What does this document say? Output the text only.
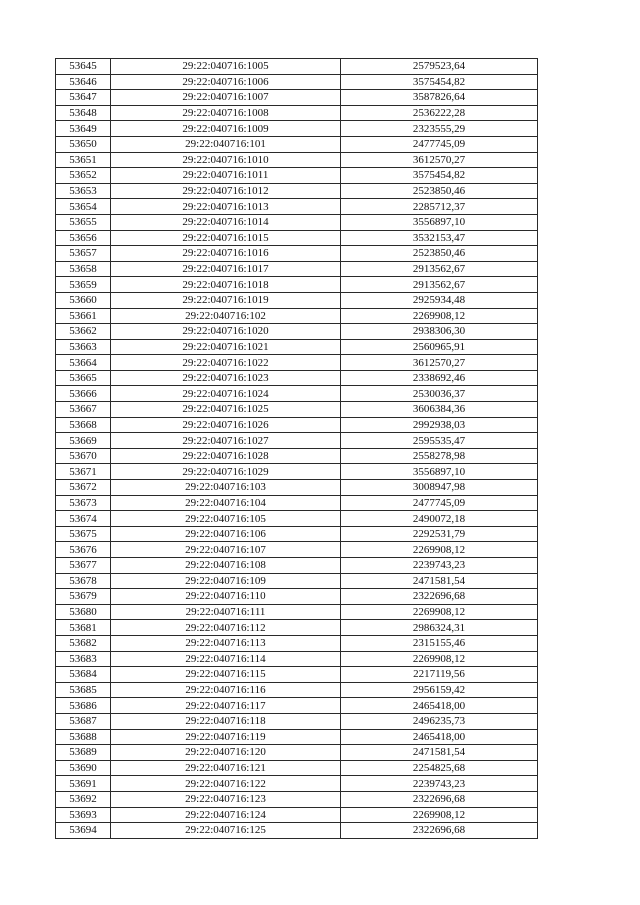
53645	29:22:040716:1005	2579523,64
53646	29:22:040716:1006	3575454,82
53647	29:22:040716:1007	3587826,64
53648	29:22:040716:1008	2536222,28
53649	29:22:040716:1009	2323555,29
53650	29:22:040716:101	2477745,09
53651	29:22:040716:1010	3612570,27
53652	29:22:040716:1011	3575454,82
53653	29:22:040716:1012	2523850,46
53654	29:22:040716:1013	2285712,37
53655	29:22:040716:1014	3556897,10
53656	29:22:040716:1015	3532153,47
53657	29:22:040716:1016	2523850,46
53658	29:22:040716:1017	2913562,67
53659	29:22:040716:1018	2913562,67
53660	29:22:040716:1019	2925934,48
53661	29:22:040716:102	2269908,12
53662	29:22:040716:1020	2938306,30
53663	29:22:040716:1021	2560965,91
53664	29:22:040716:1022	3612570,27
53665	29:22:040716:1023	2338692,46
53666	29:22:040716:1024	2530036,37
53667	29:22:040716:1025	3606384,36
53668	29:22:040716:1026	2992938,03
53669	29:22:040716:1027	2595535,47
53670	29:22:040716:1028	2558278,98
53671	29:22:040716:1029	3556897,10
53672	29:22:040716:103	3008947,98
53673	29:22:040716:104	2477745,09
53674	29:22:040716:105	2490072,18
53675	29:22:040716:106	2292531,79
53676	29:22:040716:107	2269908,12
53677	29:22:040716:108	2239743,23
53678	29:22:040716:109	2471581,54
53679	29:22:040716:110	2322696,68
53680	29:22:040716:111	2269908,12
53681	29:22:040716:112	2986324,31
53682	29:22:040716:113	2315155,46
53683	29:22:040716:114	2269908,12
53684	29:22:040716:115	2217119,56
53685	29:22:040716:116	2956159,42
53686	29:22:040716:117	2465418,00
53687	29:22:040716:118	2496235,73
53688	29:22:040716:119	2465418,00
53689	29:22:040716:120	2471581,54
53690	29:22:040716:121	2254825,68
53691	29:22:040716:122	2239743,23
53692	29:22:040716:123	2322696,68
53693	29:22:040716:124	2269908,12
53694	29:22:040716:125	2322696,68
